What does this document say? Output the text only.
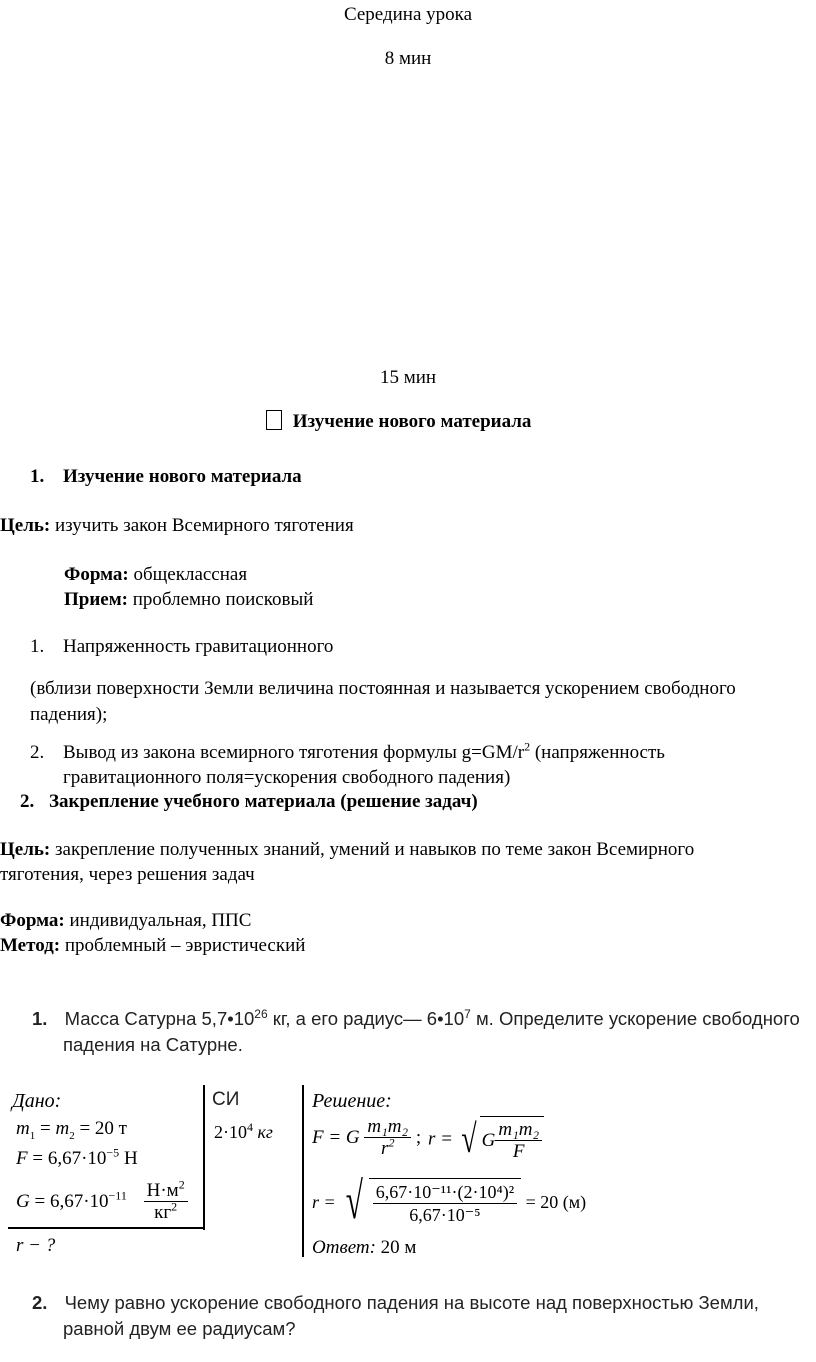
Середина урока
8 мин
15 мин
Изучение нового материала
1. Изучение нового материала
Цель: изучить закон Всемирного тяготения
Форма: общеклассная
Прием: проблемно поисковый
1. Напряженность гравитационного
(вблизи поверхности Земли величина постоянная и называется ускорением свободного
падения);
2. Вывод из закона всемирного тяготения формулы $g=GM/r^2$ (напряженность
гравитационного поля=ускорения свободного падения)
2. Закрепление учебного материала (решение задач)
Цель: закрепление полученных знаний, умений и навыков по теме закон Всемирного
тяготения, через решения задач
Форма: индивидуальная, ППС
Метод: проблемный – эвристический
1. Масса Сатурна $5,7•10^{26}$ кг, а его радиус— $6•10^7$ м. Определите ускорение свободного
падения на Сатурне.
Дано:	СИ	Решение:
$m_1 = m_2 = 20$ т
$F = 6,67\cdot 10^{-5}$ Н
$G = 6,67\cdot 10^{-11} \frac{Н\cdot м^2}{кг^2}$
r − ?
$2\cdot 10^4$ кг F = G $\frac{\text{m₁m₂}}{r^2}$ ; r = √ G $\frac{\text{m₁m₂}}{F}$
r = √ $\frac{\text{6,67·10⁻¹¹·(2·10⁴)²}}{\text{6,67·10⁻⁵}} = 20$ (м)
Ответ: 20 м
2. Чему равно ускорение свободного падения на высоте над поверхностью Земли,
равной двум ее радиусам?
